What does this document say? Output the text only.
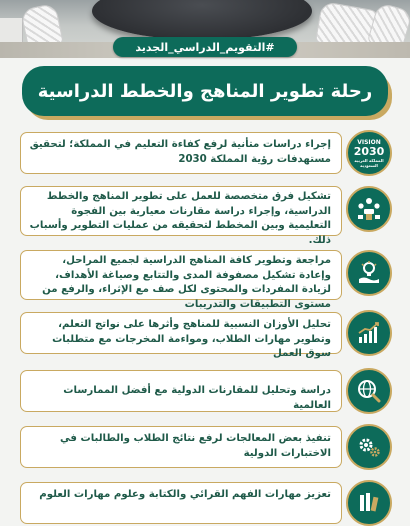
#التقويم_الدراسي_الجديد
رحلة تطوير المناهج والخطط الدراسية
إجراء دراسات متأنية لرفع كفاءة التعليم في المملكة؛ لتحقيق مستهدفات رؤية المملكة 2030
VISION
2030
المملكة العربية السعودية
تشكيل فرق متخصصة للعمل على تطوير المناهج والخطط الدراسية، وإجراء دراسة مقارنات معيارية بين الفجوة التعليمية وبين المخطط لتحقيقه من عمليات التطوير وأسباب ذلك.
مراجعة وتطوير كافة المناهج الدراسية لجميع المراحل، وإعادة تشكيل مصفوفة المدى والتتابع وصياغة الأهداف، لزيادة المفردات والمحتوى لكل صف مع الإثراء، والرفع من مستوى التطبيقات والتدريبات
تحليل الأوزان النسبية للمناهج وأثرها على نواتج التعلم، وتطوير مهارات الطلاب، ومواءمة المخرجات مع متطلبات سوق العمل
دراسة وتحليل للمقارنات الدولية مع أفضل الممارسات العالمية
تنفيذ بعض المعالجات لرفع نتائج الطلاب والطالبات في الاختبارات الدولية
تعزيز مهارات الفهم القرائي والكتابة وعلوم مهارات العلوم
